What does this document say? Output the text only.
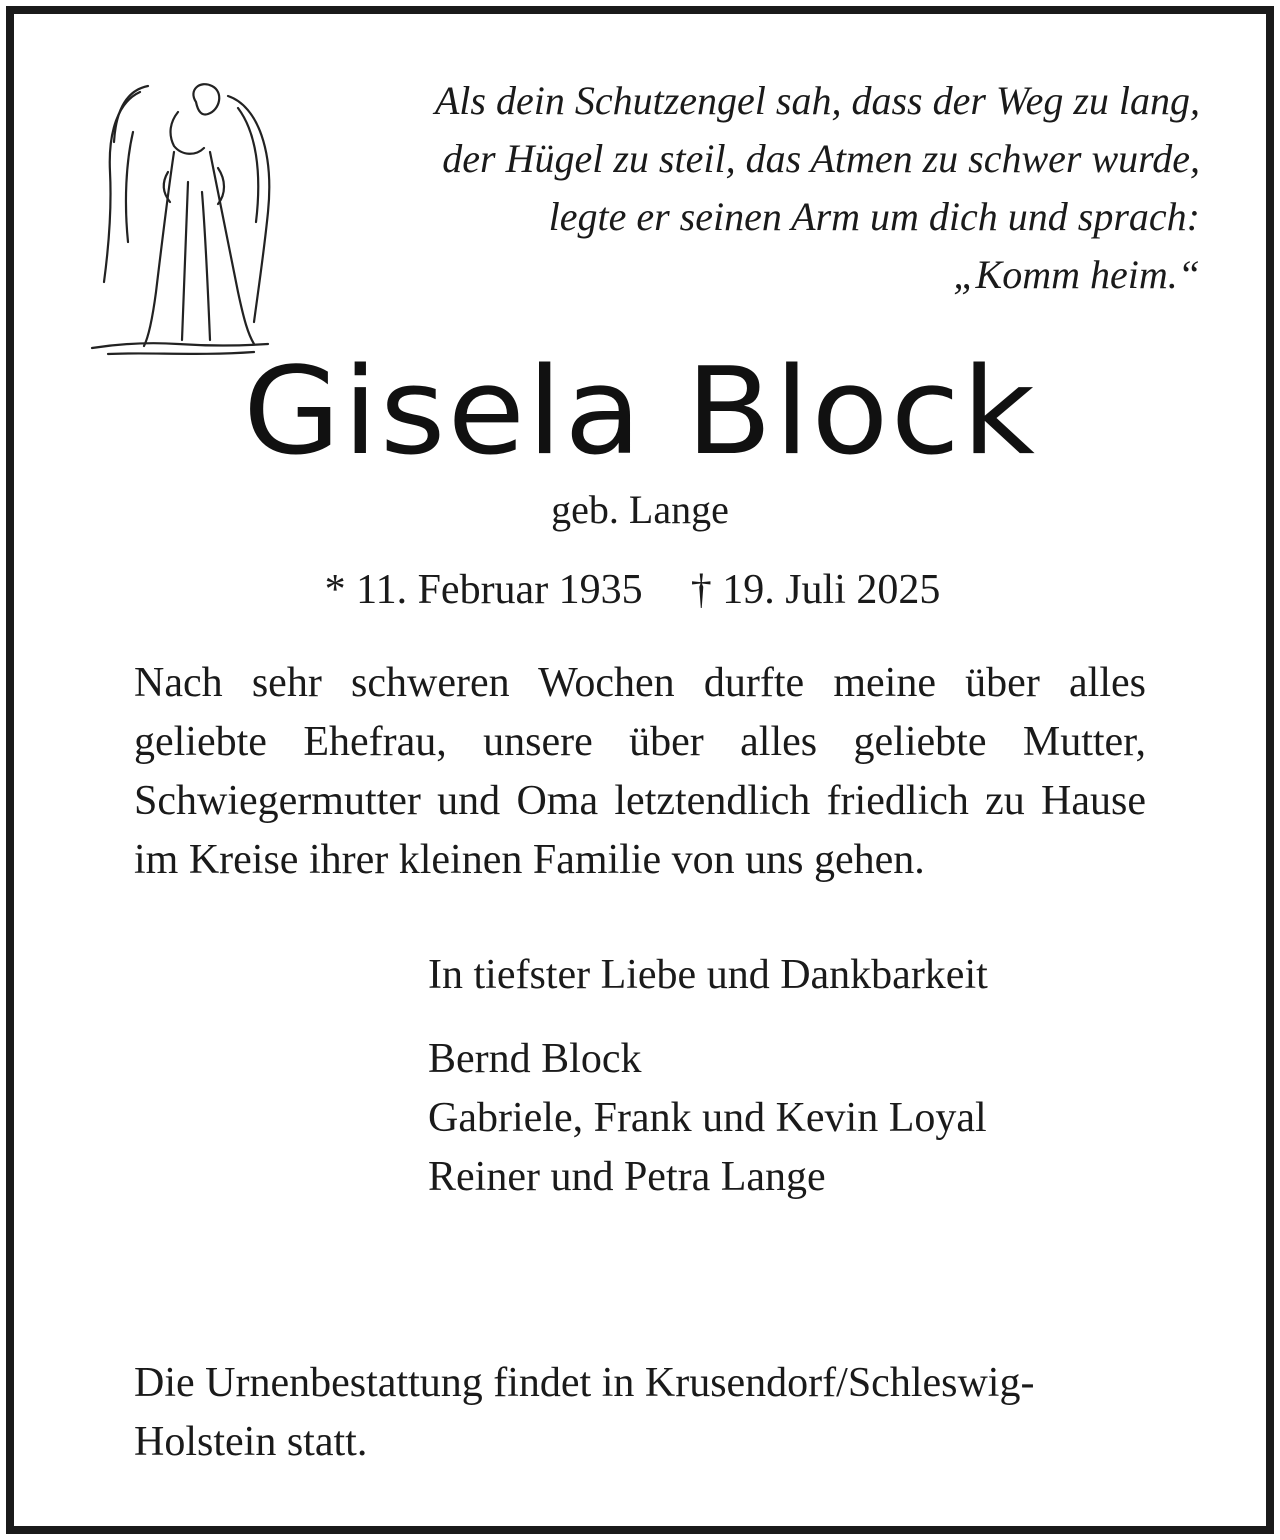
Als dein Schutzengel sah, dass der Weg zu lang,
der Hügel zu steil, das Atmen zu schwer wurde,
legte er seinen Arm um dich und sprach:
„Komm heim.“
Gisela Block
geb. Lange
* 11. Februar 1935 † 19. Juli 2025
Nach sehr schweren Wochen durfte meine über alles geliebte Ehefrau, unsere über alles geliebte Mutter, Schwiegermutter und Oma letztendlich friedlich zu Hause im Kreise ihrer kleinen Familie von uns gehen.
In tiefster Liebe und Dankbarkeit
Bernd Block
Gabriele, Frank und Kevin Loyal
Reiner und Petra Lange
Die Urnenbestattung findet in Krusendorf/Schleswig-
Holstein statt.
